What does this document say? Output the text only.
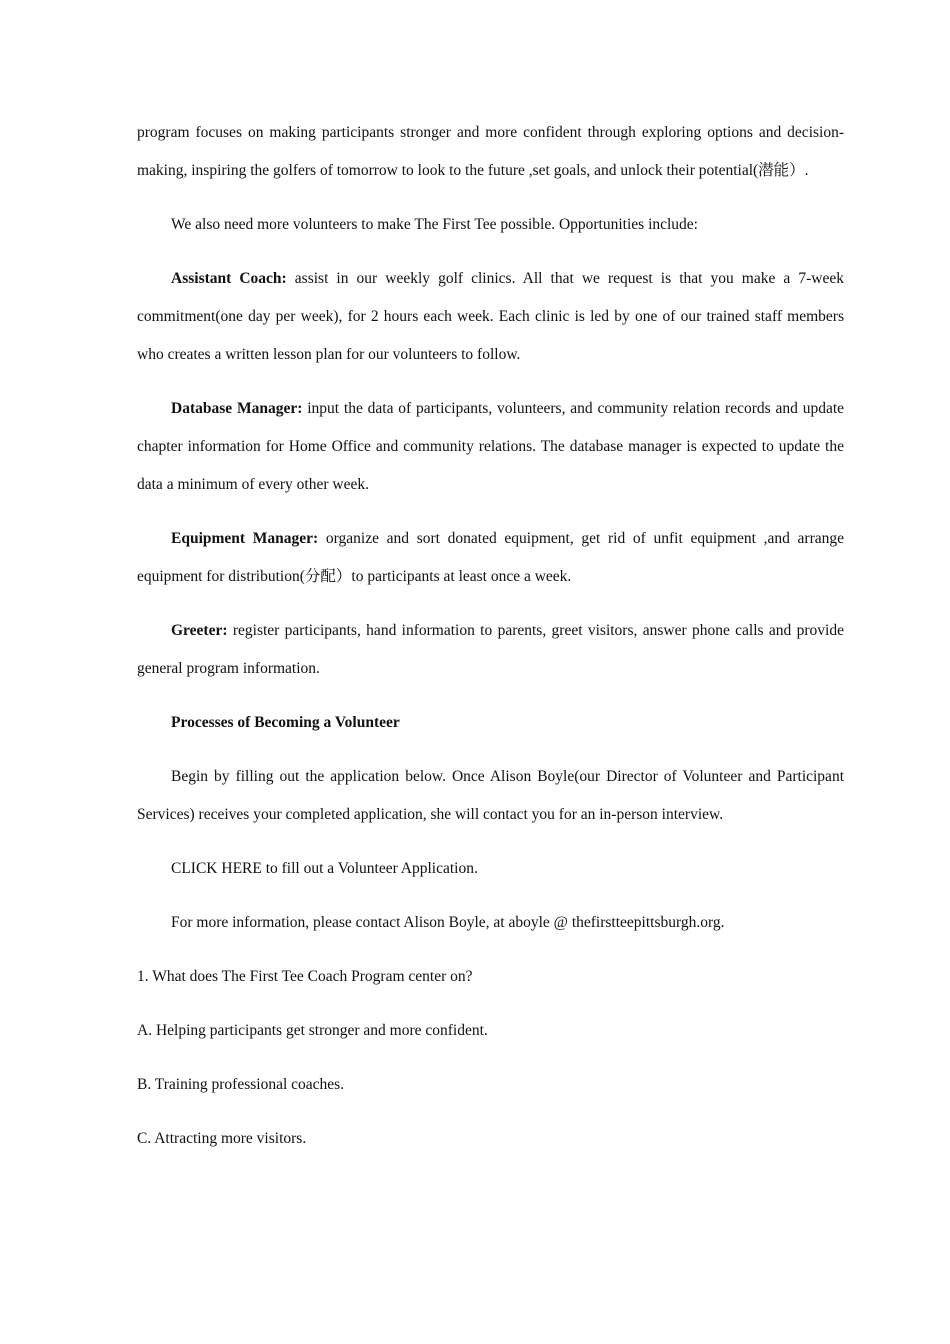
program focuses on making participants stronger and more confident through exploring options and decision-making, inspiring the golfers of tomorrow to look to the future ,set goals, and unlock their potential(潜能）.

We also need more volunteers to make The First Tee possible. Opportunities include:

Assistant Coach: assist in our weekly golf clinics. All that we request is that you make a 7-week commitment(one day per week), for 2 hours each week. Each clinic is led by one of our trained staff members who creates a written lesson plan for our volunteers to follow.

Database Manager: input the data of participants, volunteers, and community relation records and update chapter information for Home Office and community relations. The database manager is expected to update the data a minimum of every other week.

Equipment Manager: organize and sort donated equipment, get rid of unfit equipment ,and arrange equipment for distribution(分配）to participants at least once a week.

Greeter: register participants, hand information to parents, greet visitors, answer phone calls and provide general program information.

Processes of Becoming a Volunteer

Begin by filling out the application below. Once Alison Boyle(our Director of Volunteer and Participant Services) receives your completed application, she will contact you for an in-person interview.

CLICK HERE to fill out a Volunteer Application.

For more information, please contact Alison Boyle, at aboyle @ thefirstteepittsburgh.org.

1. What does The First Tee Coach Program center on?

A. Helping participants get stronger and more confident.

B. Training professional coaches.

C. Attracting more visitors.
